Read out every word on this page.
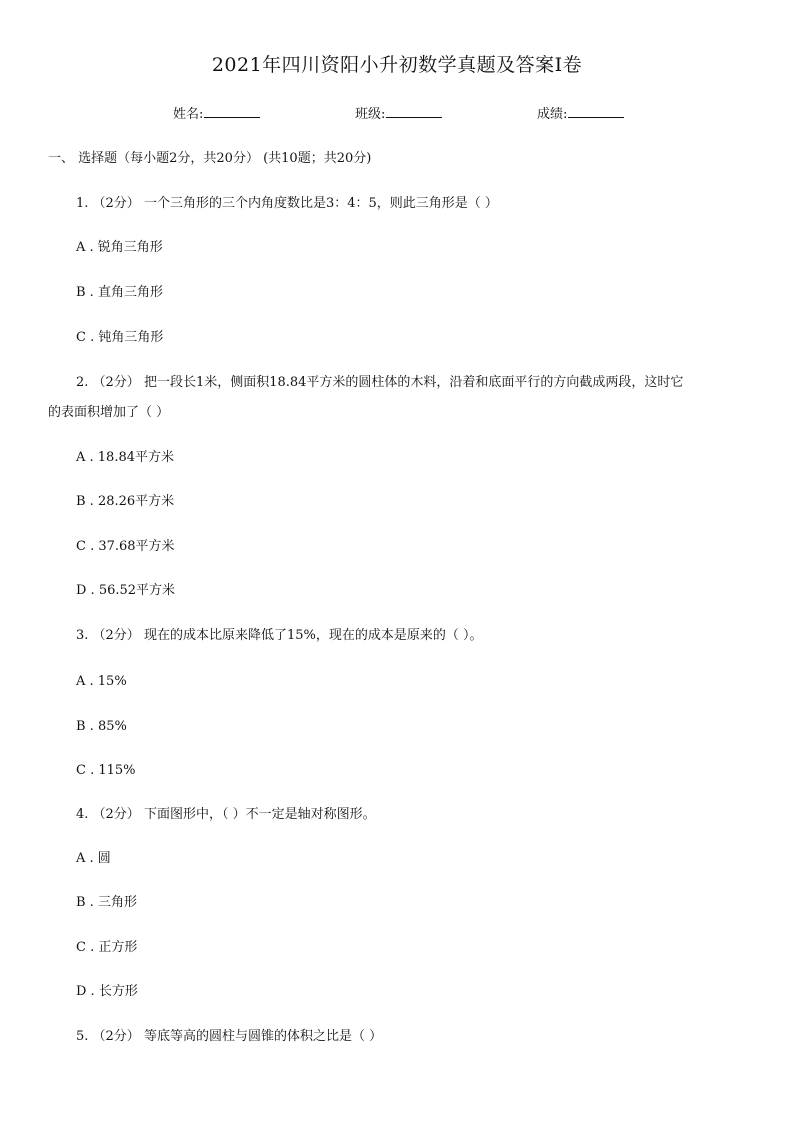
2021年四川资阳小升初数学真题及答案Ⅰ卷
姓名:	班级:	成绩:
一、 选择题（每小题2分，共20分） (共10题；共20分)
1. （2分） 一个三角形的三个内角度数比是3：4：5，则此三角形是（ ）
A . 锐角三角形
B . 直角三角形
C . 钝角三角形
2. （2分） 把一段长1米，侧面积18.84平方米的圆柱体的木料，沿着和底面平行的方向截成两段，这时它
的表面积增加了（ ）
A . 18.84平方米
B . 28.26平方米
C . 37.68平方米
D . 56.52平方米
3. （2分） 现在的成本比原来降低了15%，现在的成本是原来的（ ）。
A . 15%
B . 85%
C . 115%
4. （2分） 下面图形中，（ ）不一定是轴对称图形。
A . 圆
B . 三角形
C . 正方形
D . 长方形
5. （2分） 等底等高的圆柱与圆锥的体积之比是（ ）
